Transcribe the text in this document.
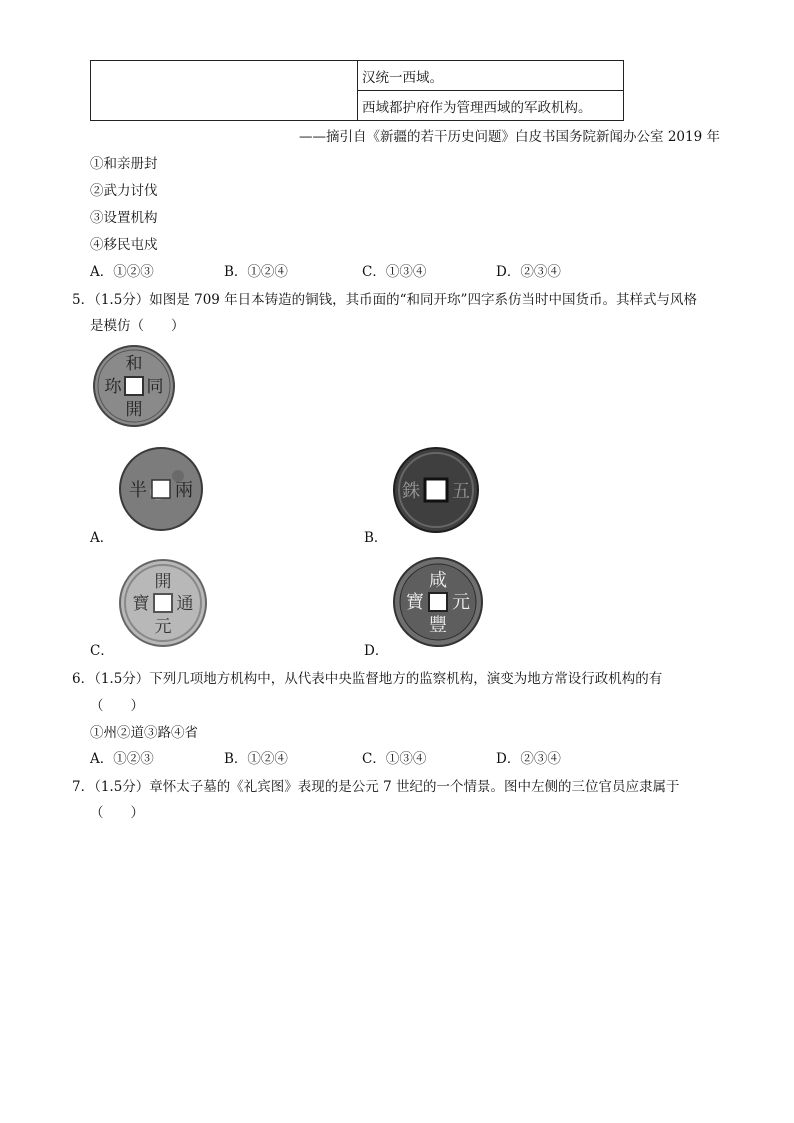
	汉统一西域。
西域都护府作为管理西域的军政机构。
——摘引自《新疆的若干历史问题》白皮书国务院新闻办公室 2019 年
①和亲册封
②武力讨伐
③设置机构
④移民屯戍
A．①②③	B．①②④	C．①③④	D．②③④
5．（1.5分）如图是 709 年日本铸造的铜钱，其币面的“和同开珎”四字系仿当时中国货币。其样式与风格
是模仿（　　）
和
同
開
珎
半 兩
A．
銖 五
B．
開
通
元
寶
C．
咸
元
豐
寶
D．
6．（1.5分）下列几项地方机构中，从代表中央监督地方的监察机构，演变为地方常设行政机构的有
（　　）
①州②道③路④省
A．①②③	B．①②④	C．①③④	D．②③④
7．（1.5分）章怀太子墓的《礼宾图》表现的是公元 7 世纪的一个情景。图中左侧的三位官员应隶属于
（　　）
